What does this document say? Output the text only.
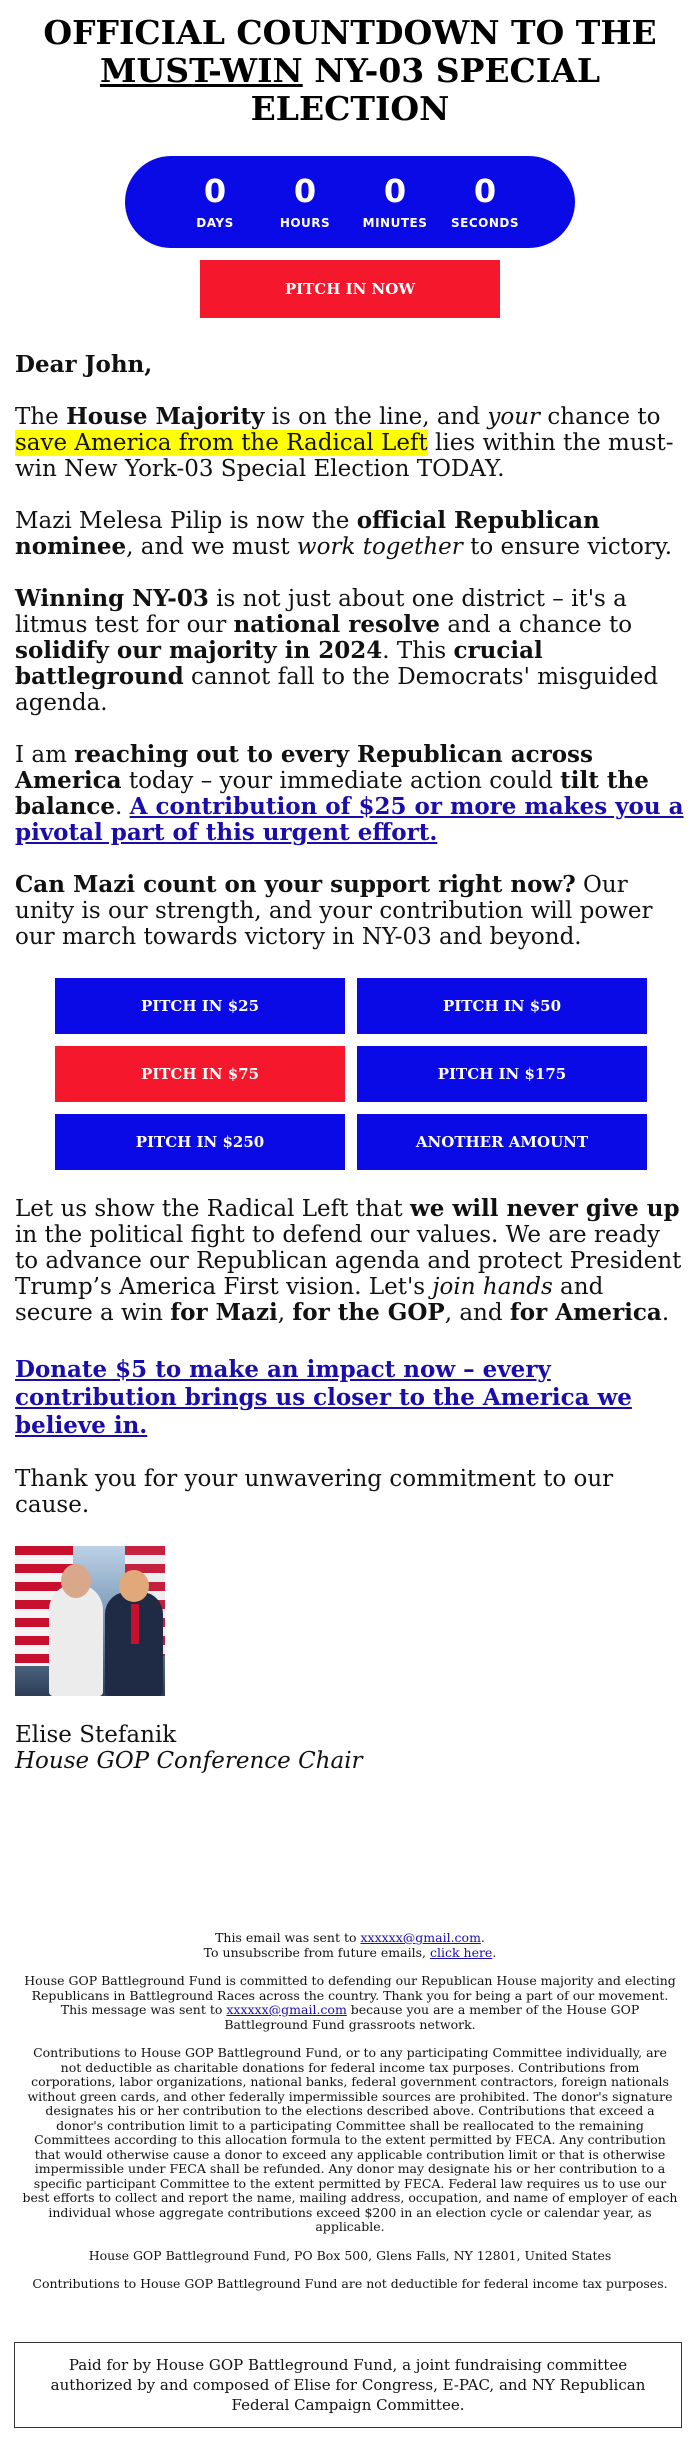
OFFICIAL COUNTDOWN TO THE
MUST-WIN NY-03 SPECIAL
ELECTION
0
DAYS
0
HOURS
0
MINUTES
0
SECONDS
PITCH IN NOW
Dear John,
The House Majority is on the line, and your chance to save America from the Radical Left lies within the must-win New York-03 Special Election TODAY.
Mazi Melesa Pilip is now the official Republican nominee, and we must work together to ensure victory.
Winning NY-03 is not just about one district – it's a litmus test for our national resolve and a chance to solidify our majority in 2024. This crucial battleground cannot fall to the Democrats' misguided agenda.
I am reaching out to every Republican across America today – your immediate action could tilt the balance. A contribution of $25 or more makes you a pivotal part of this urgent effort.
Can Mazi count on your support right now? Our unity is our strength, and your contribution will power our march towards victory in NY-03 and beyond.
PITCH IN $25	PITCH IN $50
PITCH IN $75	PITCH IN $175
PITCH IN $250	ANOTHER AMOUNT
Let us show the Radical Left that we will never give up in the political fight to defend our values. We are ready to advance our Republican agenda and protect President Trump’s America First vision. Let's join hands and secure a win for Mazi, for the GOP, and for America.
Donate $5 to make an impact now – every contribution brings us closer to the America we believe in.
Thank you for your unwavering commitment to our cause.
Elise Stefanik
House GOP Conference Chair
This email was sent to xxxxxx@gmail.com.
To unsubscribe from future emails, click here.
House GOP Battleground Fund is committed to defending our Republican House majority and electing Republicans in Battleground Races across the country. Thank you for being a part of our movement. This message was sent to xxxxxx@gmail.com because you are a member of the House GOP Battleground Fund grassroots network.
Contributions to House GOP Battleground Fund, or to any participating Committee individually, are not deductible as charitable donations for federal income tax purposes. Contributions from corporations, labor organizations, national banks, federal government contractors, foreign nationals without green cards, and other federally impermissible sources are prohibited. The donor's signature designates his or her contribution to the elections described above. Contributions that exceed a donor's contribution limit to a participating Committee shall be reallocated to the remaining Committees according to this allocation formula to the extent permitted by FECA. Any contribution that would otherwise cause a donor to exceed any applicable contribution limit or that is otherwise impermissible under FECA shall be refunded. Any donor may designate his or her contribution to a specific participant Committee to the extent permitted by FECA. Federal law requires us to use our best efforts to collect and report the name, mailing address, occupation, and name of employer of each individual whose aggregate contributions exceed $200 in an election cycle or calendar year, as applicable.
House GOP Battleground Fund, PO Box 500, Glens Falls, NY 12801, United States
Contributions to House GOP Battleground Fund are not deductible for federal income tax purposes.
Paid for by House GOP Battleground Fund, a joint fundraising committee authorized by and composed of Elise for Congress, E-PAC, and NY Republican Federal Campaign Committee.
